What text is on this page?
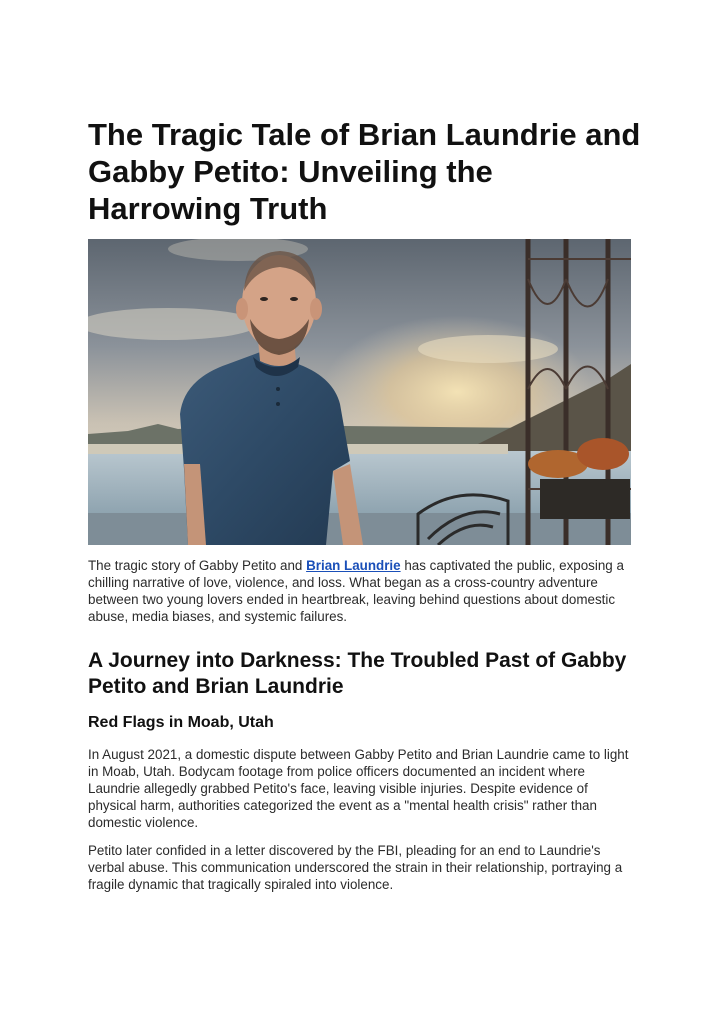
The Tragic Tale of Brian Laundrie and Gabby Petito: Unveiling the Harrowing Truth

The tragic story of Gabby Petito and Brian Laundrie has captivated the public, exposing a chilling narrative of love, violence, and loss. What began as a cross-country adventure between two young lovers ended in heartbreak, leaving behind questions about domestic abuse, media biases, and systemic failures.

A Journey into Darkness: The Troubled Past of Gabby Petito and Brian Laundrie
Red Flags in Moab, Utah

In August 2021, a domestic dispute between Gabby Petito and Brian Laundrie came to light in Moab, Utah. Bodycam footage from police officers documented an incident where Laundrie allegedly grabbed Petito's face, leaving visible injuries. Despite evidence of physical harm, authorities categorized the event as a "mental health crisis" rather than domestic violence.

Petito later confided in a letter discovered by the FBI, pleading for an end to Laundrie's verbal abuse. This communication underscored the strain in their relationship, portraying a fragile dynamic that tragically spiraled into violence.
